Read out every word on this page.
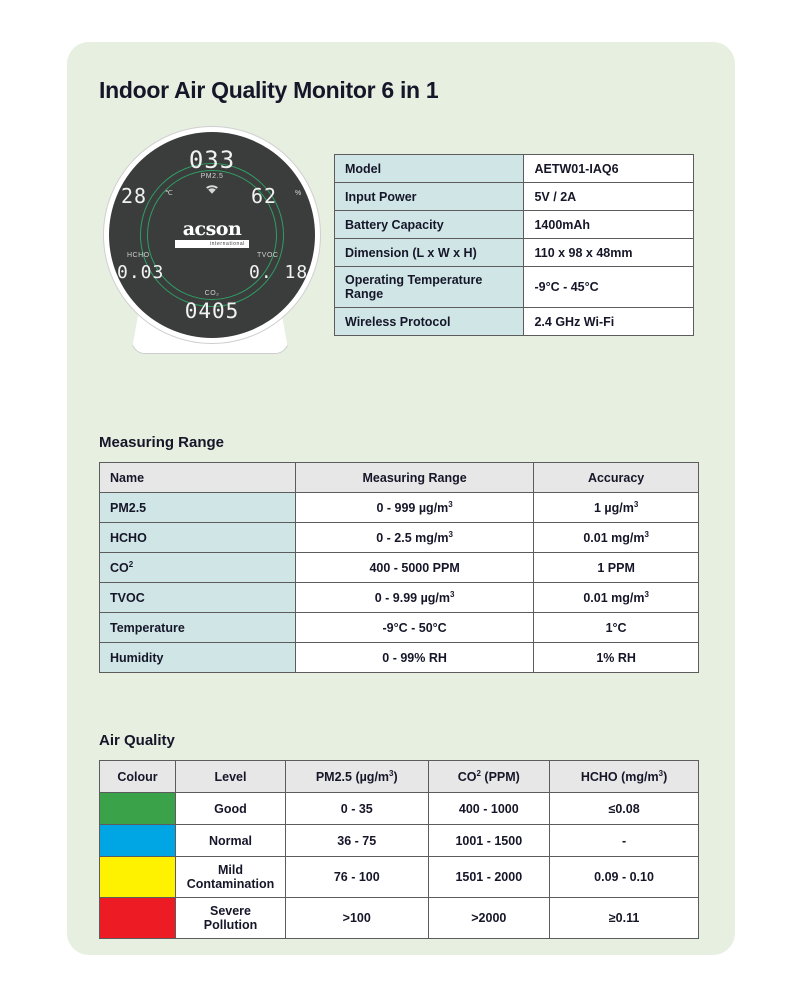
Indoor Air Quality Monitor 6 in 1
033
PM2.5
28	℃	62	%
acson
international
HCHO
0.03
TVOC
0. 18
CO₂
0405
Model	AETW01-IAQ6
Input Power	5V / 2A
Battery Capacity	1400mAh
Dimension (L x W x H)	110 x 98 x 48mm
Operating Temperature Range	-9°C - 45°C
Wireless Protocol	2.4 GHz Wi-Fi
Measuring Range
Name	Measuring Range	Accuracy
PM2.5	0 - 999 $\mu g/m^3$	1 $\mu g/m^3$
HCHO	0 - 2.5 $mg/m^3$	0.01 $mg/m^3$
$CO^2$	400 - 5000 PPM	1 PPM
TVOC	0 - 9.99 $\mu g/m^3$	0.01 $mg/m^3$
Temperature	-9°C - 50°C	1°C
Humidity	0 - 99% RH	1% RH
Air Quality
Colour	Level	PM2.5 $(\mu g/m^3)$	$CO^2$ (PPM)	HCHO $(mg/m^3)$

	Good	0 - 35	400 - 1000	≤0.08

	Normal	36 - 75	1001 - 1500	-

	Mild Contamination	76 - 100	1501 - 2000	0.09 - 0.10

	Severe Pollution	>100	>2000	≥0.11
